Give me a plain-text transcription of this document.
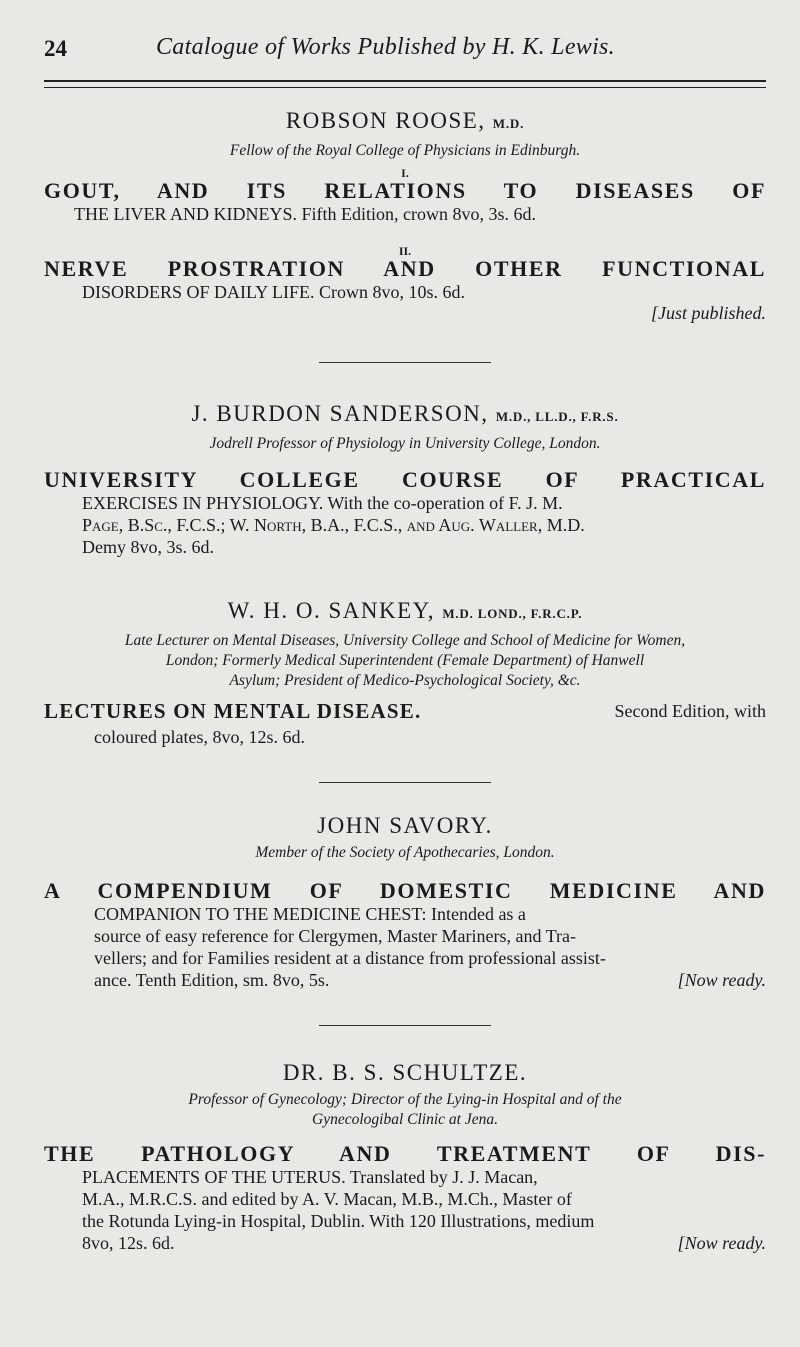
24	Catalogue of Works Published by H. K. Lewis.
ROBSON ROOSE, M.D.
Fellow of the Royal College of Physicians in Edinburgh.
I.
GOUT, AND ITS RELATIONS TO DISEASES OF
THE LIVER AND KIDNEYS. Fifth Edition, crown 8vo, 3s. 6d.
II.
NERVE PROSTRATION AND OTHER FUNCTIONAL
DISORDERS OF DAILY LIFE. Crown 8vo, 10s. 6d.
[Just published.
J. BURDON SANDERSON, M.D., LL.D., F.R.S.
Jodrell Professor of Physiology in University College, London.
UNIVERSITY COLLEGE COURSE OF PRACTICAL
EXERCISES IN PHYSIOLOGY. With the co-operation of F. J. M.
Page, B.Sc., F.C.S.; W. North, B.A., F.C.S., and Aug. Waller, M.D.
Demy 8vo, 3s. 6d.
W. H. O. SANKEY, M.D. LOND., F.R.C.P.
Late Lecturer on Mental Diseases, University College and School of Medicine for Women,
London; Formerly Medical Superintendent (Female Department) of Hanwell
Asylum; President of Medico-Psychological Society, &c.
LECTURES ON MENTAL DISEASE.	Second Edition, with
coloured plates, 8vo, 12s. 6d.
JOHN SAVORY.
Member of the Society of Apothecaries, London.
A COMPENDIUM OF DOMESTIC MEDICINE AND
COMPANION TO THE MEDICINE CHEST: Intended as a
source of easy reference for Clergymen, Master Mariners, and Tra-
vellers; and for Families resident at a distance from professional assist-
ance. Tenth Edition, sm. 8vo, 5s.	[Now ready.
DR. B. S. SCHULTZE.
Professor of Gynecology; Director of the Lying-in Hospital and of the
Gynecologibal Clinic at Jena.
THE PATHOLOGY AND TREATMENT OF DIS-
PLACEMENTS OF THE UTERUS. Translated by J. J. Macan,
M.A., M.R.C.S. and edited by A. V. Macan, M.B., M.Ch., Master of
the Rotunda Lying-in Hospital, Dublin. With 120 Illustrations, medium
8vo, 12s. 6d.	[Now ready.
